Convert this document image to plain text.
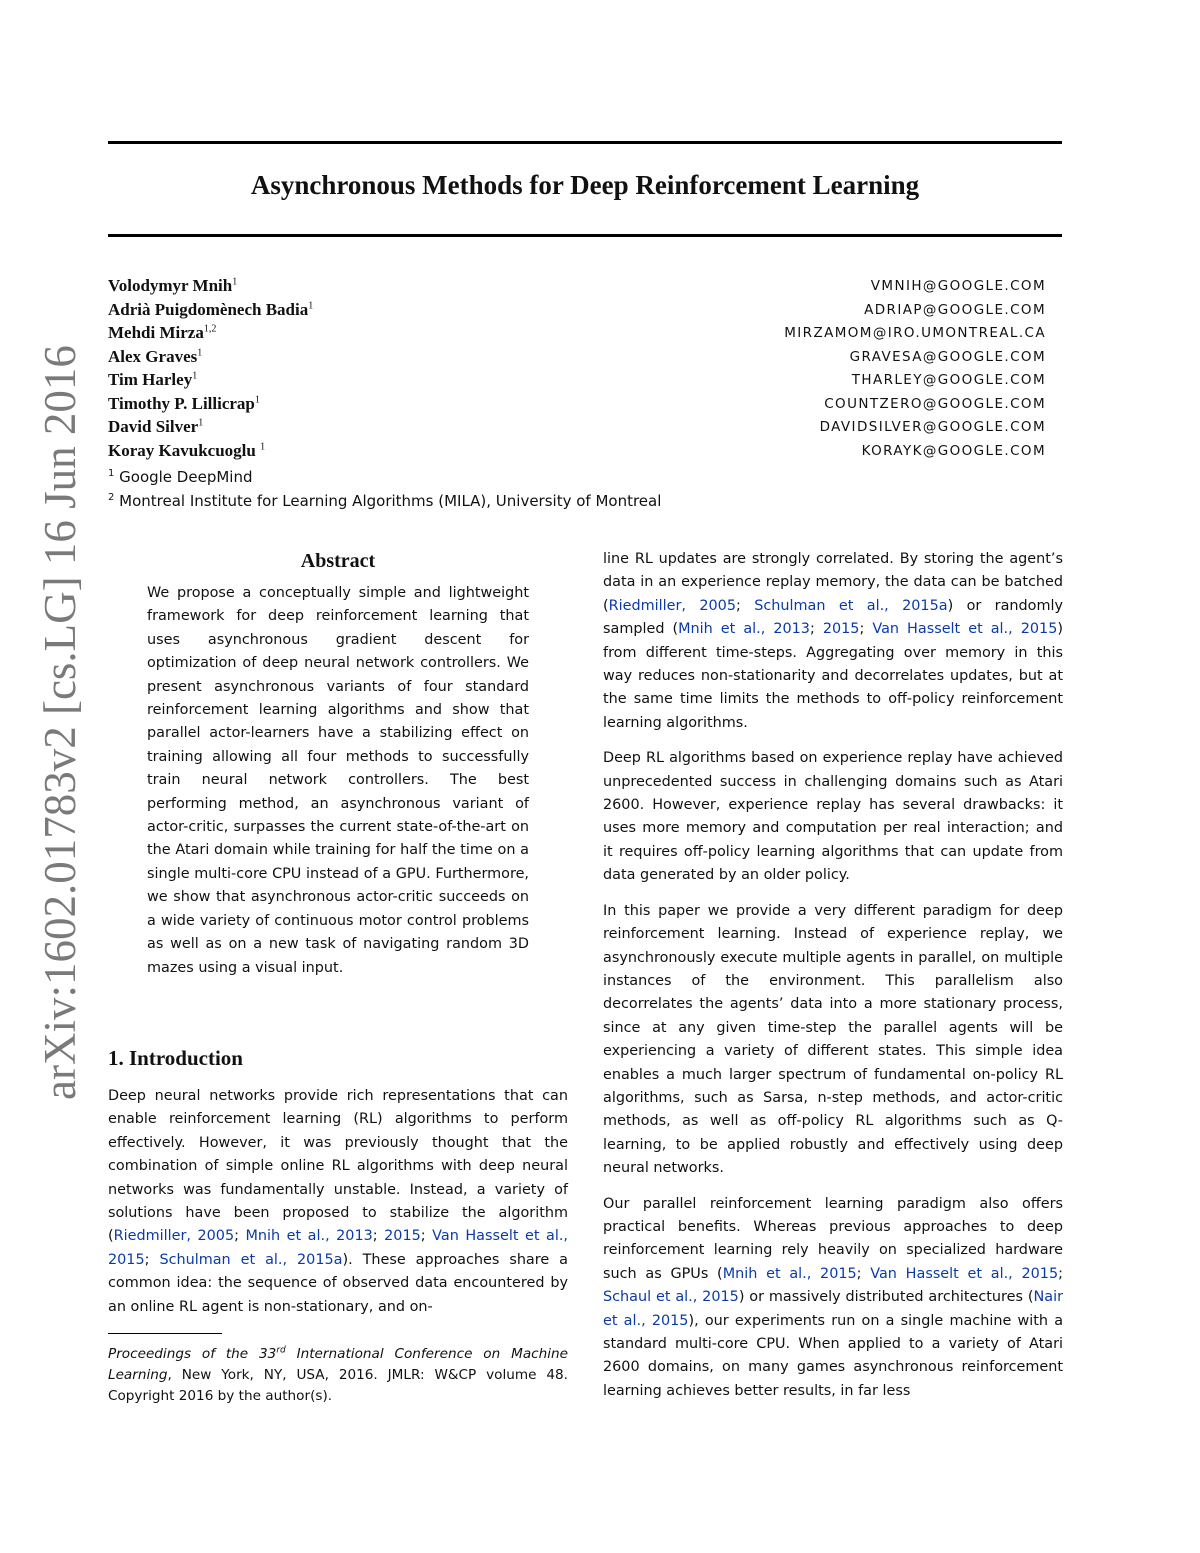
Asynchronous Methods for Deep Reinforcement Learning
arXiv:1602.01783v2 [cs.LG] 16 Jun 2016
Volodymyr Mnih$^1$	VMNIH@GOOGLE.COM
Adrià Puigdomènech Badia$^1$	ADRIAP@GOOGLE.COM
Mehdi Mirza$^{1,2}$	MIRZAMOM@IRO.UMONTREAL.CA
Alex Graves$^1$	GRAVESA@GOOGLE.COM
Tim Harley$^1$	THARLEY@GOOGLE.COM
Timothy P. Lillicrap$^1$	COUNTZERO@GOOGLE.COM
David Silver$^1$	DAVIDSILVER@GOOGLE.COM
Koray Kavukcuoglu $^1$	KORAYK@GOOGLE.COM
$^1$ Google DeepMind
$^2$ Montreal Institute for Learning Algorithms (MILA), University of Montreal
Abstract

We propose a conceptually simple and lightweight framework for deep reinforcement learning that uses asynchronous gradient descent for optimization of deep neural network controllers. We present asynchronous variants of four standard reinforcement learning algorithms and show that parallel actor-learners have a stabilizing effect on training allowing all four methods to successfully train neural network controllers. The best performing method, an asynchronous variant of actor-critic, surpasses the current state-of-the-art on the Atari domain while training for half the time on a single multi-core CPU instead of a GPU. Furthermore, we show that asynchronous actor-critic succeeds on a wide variety of continuous motor control problems as well as on a new task of navigating random 3D mazes using a visual input.

1. Introduction

Deep neural networks provide rich representations that can enable reinforcement learning (RL) algorithms to perform effectively. However, it was previously thought that the combination of simple online RL algorithms with deep neural networks was fundamentally unstable. Instead, a variety of solutions have been proposed to stabilize the algorithm (Riedmiller, 2005; Mnih et al., 2013; 2015; Van Hasselt et al., 2015; Schulman et al., 2015a). These approaches share a common idea: the sequence of observed data encountered by an online RL agent is non-stationary, and on-

Proceedings of the 33rd International Conference on Machine Learning, New York, NY, USA, 2016. JMLR: W&CP volume 48. Copyright 2016 by the author(s).

line RL updates are strongly correlated. By storing the agent’s data in an experience replay memory, the data can be batched (Riedmiller, 2005; Schulman et al., 2015a) or randomly sampled (Mnih et al., 2013; 2015; Van Hasselt et al., 2015) from different time-steps. Aggregating over memory in this way reduces non-stationarity and decorrelates updates, but at the same time limits the methods to off-policy reinforcement learning algorithms.

Deep RL algorithms based on experience replay have achieved unprecedented success in challenging domains such as Atari 2600. However, experience replay has several drawbacks: it uses more memory and computation per real interaction; and it requires off-policy learning algorithms that can update from data generated by an older policy.

In this paper we provide a very different paradigm for deep reinforcement learning. Instead of experience replay, we asynchronously execute multiple agents in parallel, on multiple instances of the environment. This parallelism also decorrelates the agents’ data into a more stationary process, since at any given time-step the parallel agents will be experiencing a variety of different states. This simple idea enables a much larger spectrum of fundamental on-policy RL algorithms, such as Sarsa, n-step methods, and actor-critic methods, as well as off-policy RL algorithms such as Q-learning, to be applied robustly and effectively using deep neural networks.

Our parallel reinforcement learning paradigm also offers practical benefits. Whereas previous approaches to deep reinforcement learning rely heavily on specialized hardware such as GPUs (Mnih et al., 2015; Van Hasselt et al., 2015; Schaul et al., 2015) or massively distributed architectures (Nair et al., 2015), our experiments run on a single machine with a standard multi-core CPU. When applied to a variety of Atari 2600 domains, on many games asynchronous reinforcement learning achieves better results, in far less
